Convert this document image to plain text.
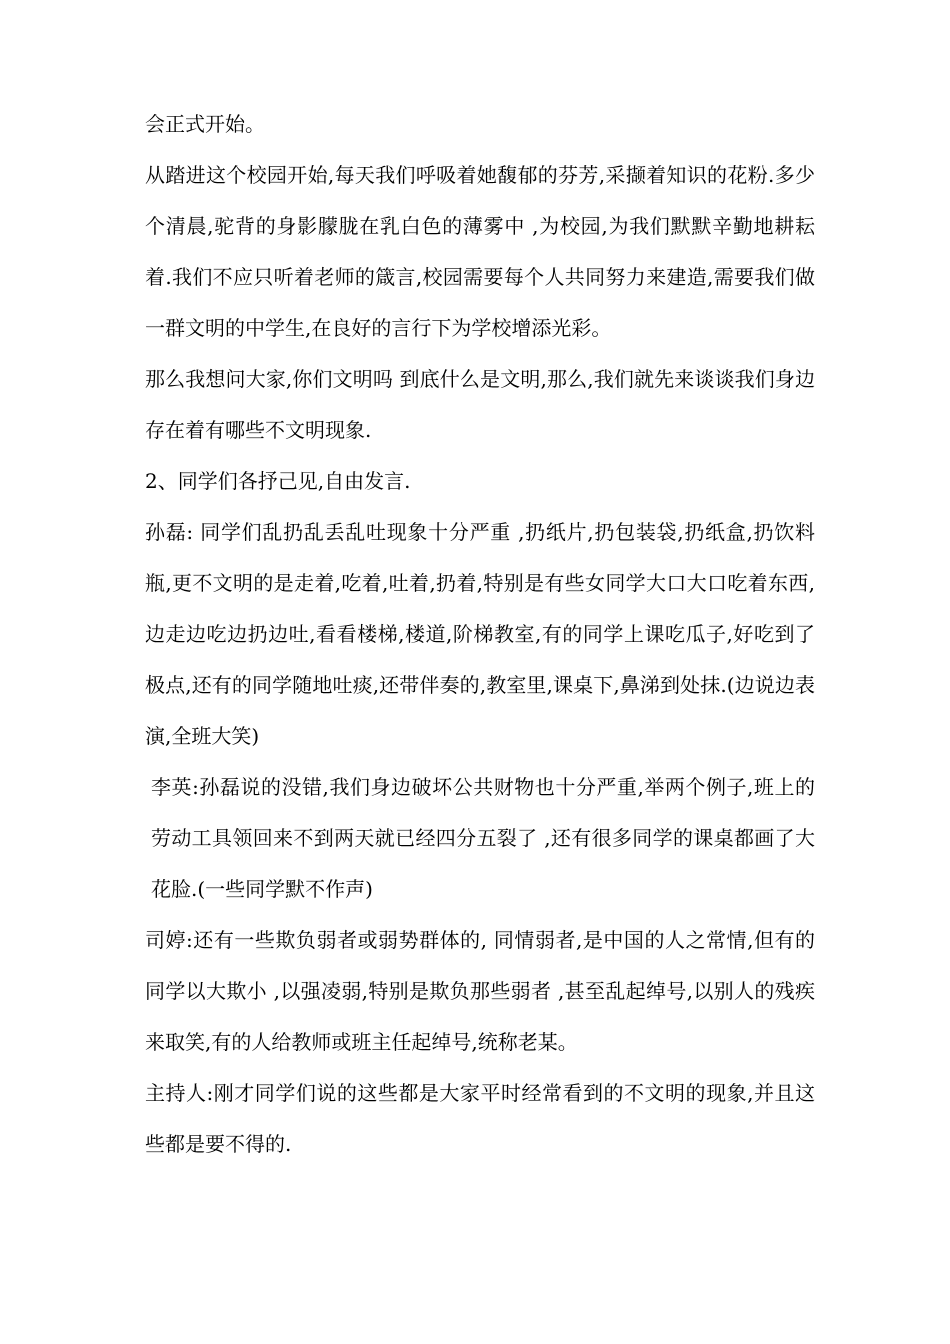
会正式开始。

从踏进这个校园开始,每天我们呼吸着她馥郁的芬芳,采撷着知识的花粉.多少个清晨,驼背的身影朦胧在乳白色的薄雾中 ,为校园,为我们默默辛勤地耕耘着.我们不应只听着老师的箴言,校园需要每个人共同努力来建造,需要我们做一群文明的中学生,在良好的言行下为学校增添光彩。

那么我想问大家,你们文明吗 到底什么是文明,那么,我们就先来谈谈我们身边存在着有哪些不文明现象.

2、同学们各抒己见,自由发言.

孙磊: 同学们乱扔乱丢乱吐现象十分严重 ,扔纸片,扔包装袋,扔纸盒,扔饮料瓶,更不文明的是走着,吃着,吐着,扔着,特别是有些女同学大口大口吃着东西,边走边吃边扔边吐,看看楼梯,楼道,阶梯教室,有的同学上课吃瓜子,好吃到了极点,还有的同学随地吐痰,还带伴奏的,教室里,课桌下,鼻涕到处抹.(边说边表演,全班大笑)

李英:孙磊说的没错,我们身边破坏公共财物也十分严重,举两个例子,班上的劳动工具领回来不到两天就已经四分五裂了 ,还有很多同学的课桌都画了大花脸.(一些同学默不作声)

司婷:还有一些欺负弱者或弱势群体的, 同情弱者,是中国的人之常情,但有的同学以大欺小 ,以强凌弱,特别是欺负那些弱者 ,甚至乱起绰号,以别人的残疾来取笑,有的人给教师或班主任起绰号,统称老某。

主持人:刚才同学们说的这些都是大家平时经常看到的不文明的现象,并且这些都是要不得的.
